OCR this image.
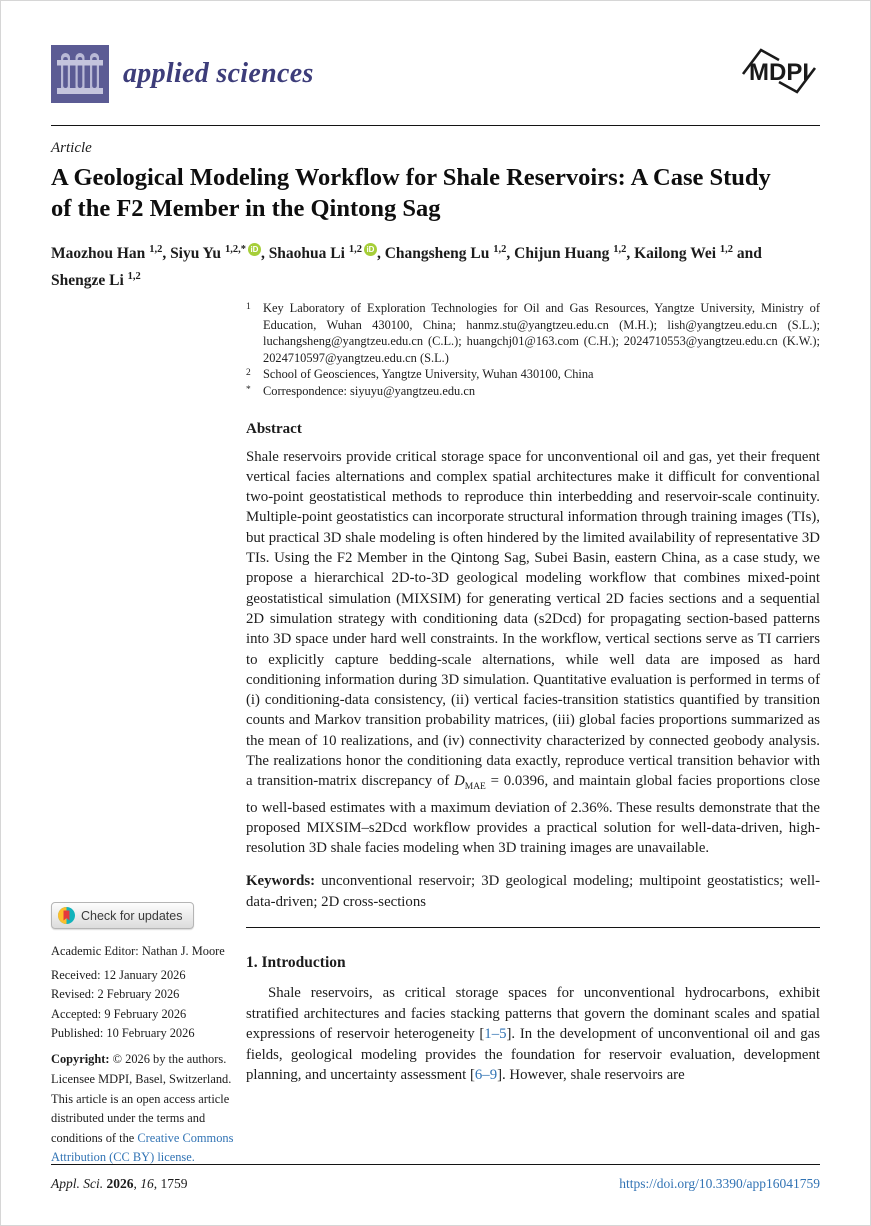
applied sciences	MDPI
Article
A Geological Modeling Workflow for Shale Reservoirs: A Case Study of the F2 Member in the Qintong Sag
Maozhou Han $^{1,2}$, Siyu Yu $^{1,2,*}$ iD , Shaohua Li $^{1,2}$ iD , Changsheng Lu $^{1,2}$, Chijun Huang $^{1,2}$, Kailong Wei $^{1,2}$ and Shengze Li $^{1,2}$
1 Key Laboratory of Exploration Technologies for Oil and Gas Resources, Yangtze University, Ministry of Education, Wuhan 430100, China; hanmz.stu@yangtzeu.edu.cn (M.H.); lish@yangtzeu.edu.cn (S.L.); luchangsheng@yangtzeu.edu.cn (C.L.); huangchj01@163.com (C.H.); 2024710553@yangtzeu.edu.cn (K.W.); 2024710597@yangtzeu.edu.cn (S.L.)
2 School of Geosciences, Yangtze University, Wuhan 430100, China
* Correspondence: siyuyu@yangtzeu.edu.cn
Abstract
Shale reservoirs provide critical storage space for unconventional oil and gas, yet their frequent vertical facies alternations and complex spatial architectures make it difficult for conventional two-point geostatistical methods to reproduce thin interbedding and reservoir-scale continuity. Multiple-point geostatistics can incorporate structural information through training images (TIs), but practical 3D shale modeling is often hindered by the limited availability of representative 3D TIs. Using the F2 Member in the Qintong Sag, Subei Basin, eastern China, as a case study, we propose a hierarchical 2D-to-3D geological modeling workflow that combines mixed-point geostatistical simulation (MIXSIM) for generating vertical 2D facies sections and a sequential 2D simulation strategy with conditioning data (s2Dcd) for propagating section-based patterns into 3D space under hard well constraints. In the workflow, vertical sections serve as TI carriers to explicitly capture bedding-scale alternations, while well data are imposed as hard conditioning information during 3D simulation. Quantitative evaluation is performed in terms of (i) conditioning-data consistency, (ii) vertical facies-transition statistics quantified by transition counts and Markov transition probability matrices, (iii) global facies proportions summarized as the mean of 10 realizations, and (iv) connectivity characterized by connected geobody analysis. The realizations honor the conditioning data exactly, reproduce vertical transition behavior with a transition-matrix discrepancy of $D_{MAE} = 0.0396$, and maintain global facies proportions close to well-based estimates with a maximum deviation of 2.36%. These results demonstrate that the proposed MIXSIM–s2Dcd workflow provides a practical solution for well-data-driven, high-resolution 3D shale facies modeling when 3D training images are unavailable.
Keywords: unconventional reservoir; 3D geological modeling; multipoint geostatistics; well-data-driven; 2D cross-sections
1. Introduction

Shale reservoirs, as critical storage spaces for unconventional hydrocarbons, exhibit stratified architectures and facies stacking patterns that govern the dominant scales and spatial expressions of reservoir heterogeneity [1–5]. In the development of unconventional oil and gas fields, geological modeling provides the foundation for reservoir evaluation, development planning, and uncertainty assessment [6–9]. However, shale reservoirs are

Check for updates
Academic Editor: Nathan J. Moore
Received: 12 January 2026
Revised: 2 February 2026
Accepted: 9 February 2026
Published: 10 February 2026
Copyright: © 2026 by the authors. Licensee MDPI, Basel, Switzerland. This article is an open access article distributed under the terms and conditions of the Creative Commons Attribution (CC BY) license.
Appl. Sci. 2026, 16, 1759	https://doi.org/10.3390/app16041759
